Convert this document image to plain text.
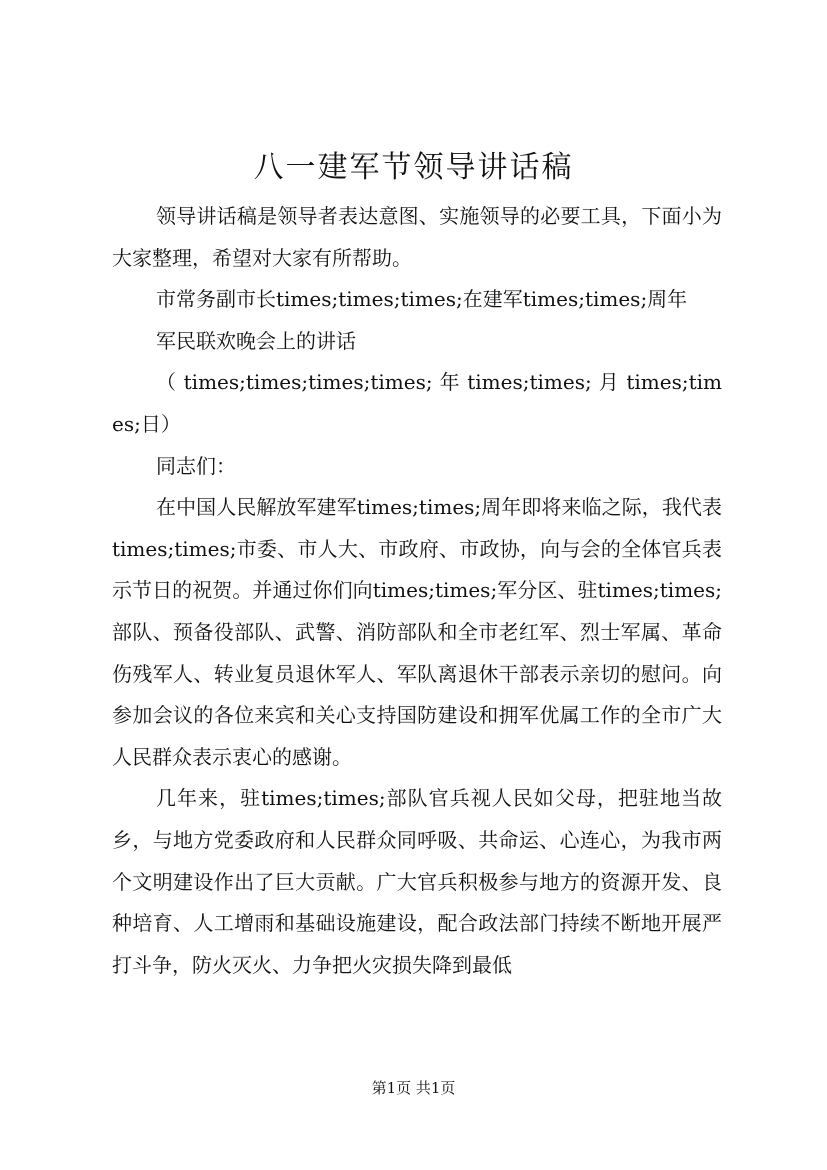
八一建军节领导讲话稿

领导讲话稿是领导者表达意图、实施领导的必要工具，下面小为大家整理，希望对大家有所帮助。

市常务副市长times;times;times;在建军times;times;周年

军民联欢晚会上的讲话

（ times;times;times;times; 年 times;times; 月 times;times;日）

同志们：

在中国人民解放军建军times;times;周年即将来临之际，我代表times;times;市委、市人大、市政府、市政协，向与会的全体官兵表示节日的祝贺。并通过你们向times;times;军分区、驻times;times;部队、预备役部队、武警、消防部队和全市老红军、烈士军属、革命伤残军人、转业复员退休军人、军队离退休干部表示亲切的慰问。向参加会议的各位来宾和关心支持国防建设和拥军优属工作的全市广大人民群众表示衷心的感谢。

几年来，驻times;times;部队官兵视人民如父母，把驻地当故乡，与地方党委政府和人民群众同呼吸、共命运、心连心，为我市两个文明建设作出了巨大贡献。广大官兵积极参与地方的资源开发、良种培育、人工增雨和基础设施建设，配合政法部门持续不断地开展严打斗争，防火灭火、力争把火灾损失降到最低

第1页 共1页
